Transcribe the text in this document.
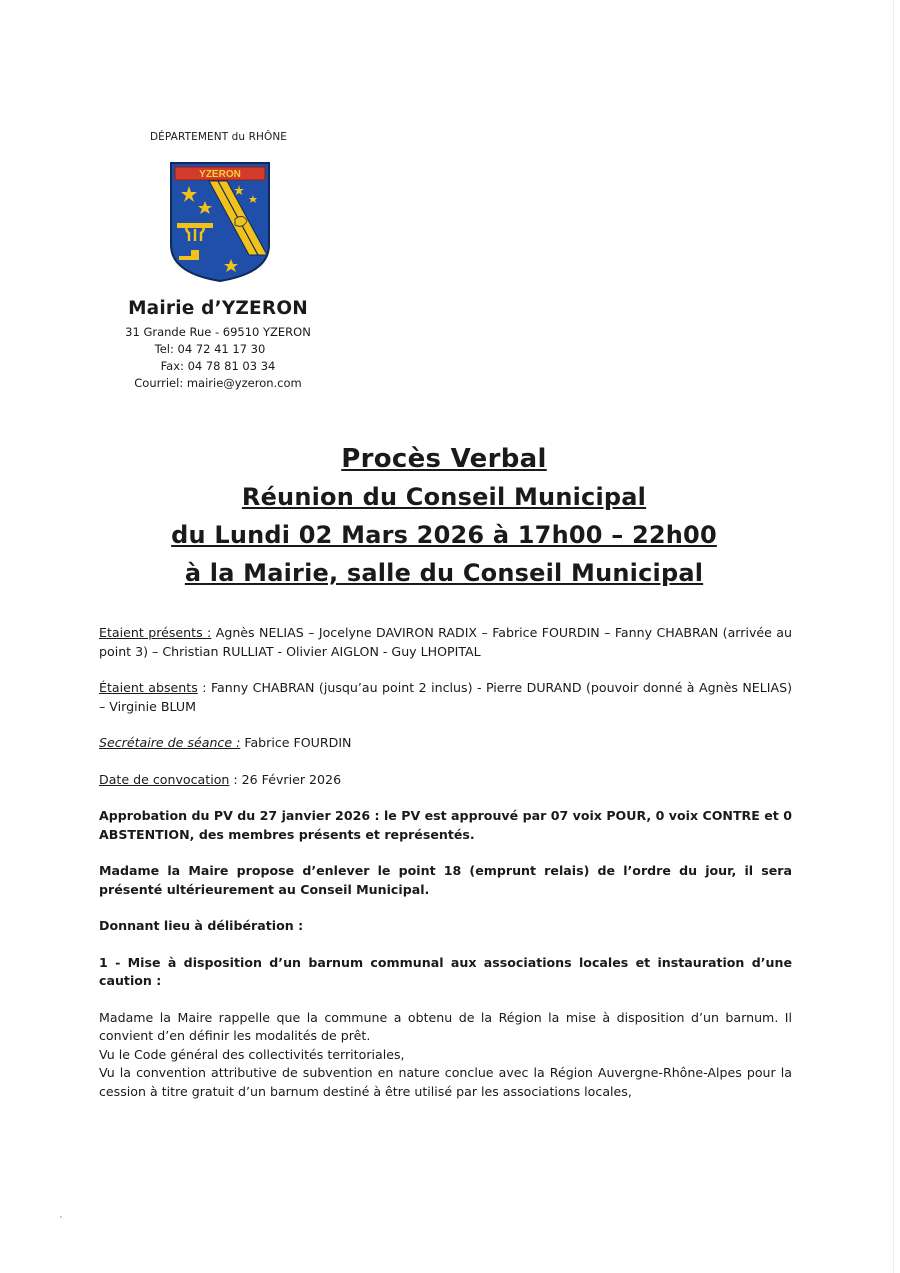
DÉPARTEMENT du RHÔNE
YZERON
Mairie d’YZERON
31 Grande Rue - 69510 YZERON
Tel: 04 72 41 17 30Fax: 04 78 81 03 34
Courriel: mairie@yzeron.com
Procès Verbal
Réunion du Conseil Municipal
du Lundi 02 Mars 2026 à 17h00 – 22h00
à la Mairie, salle du Conseil Municipal

Etaient présents : Agnès NELIAS – Jocelyne DAVIRON RADIX – Fabrice FOURDIN – Fanny CHABRAN (arrivée au point 3) – Christian RULLIAT - Olivier AIGLON - Guy LHOPITAL

Étaient absents : Fanny CHABRAN (jusqu’au point 2 inclus) - Pierre DURAND (pouvoir donné à Agnès NELIAS) – Virginie BLUM

Secrétaire de séance : Fabrice FOURDIN

Date de convocation : 26 Février 2026

Approbation du PV du 27 janvier 2026 : le PV est approuvé par 07 voix POUR, 0 voix CONTRE et 0 ABSTENTION, des membres présents et représentés.

Madame la Maire propose d’enlever le point 18 (emprunt relais) de l’ordre du jour, il sera présenté ultérieurement au Conseil Municipal.

Donnant lieu à délibération :

1 - Mise à disposition d’un barnum communal aux associations locales et instauration d’une caution :

Madame la Maire rappelle que la commune a obtenu de la Région la mise à disposition d’un barnum. Il convient d’en définir les modalités de prêt.

Vu le Code général des collectivités territoriales,

Vu la convention attributive de subvention en nature conclue avec la Région Auvergne-Rhône-Alpes pour la cession à titre gratuit d’un barnum destiné à être utilisé par les associations locales,
